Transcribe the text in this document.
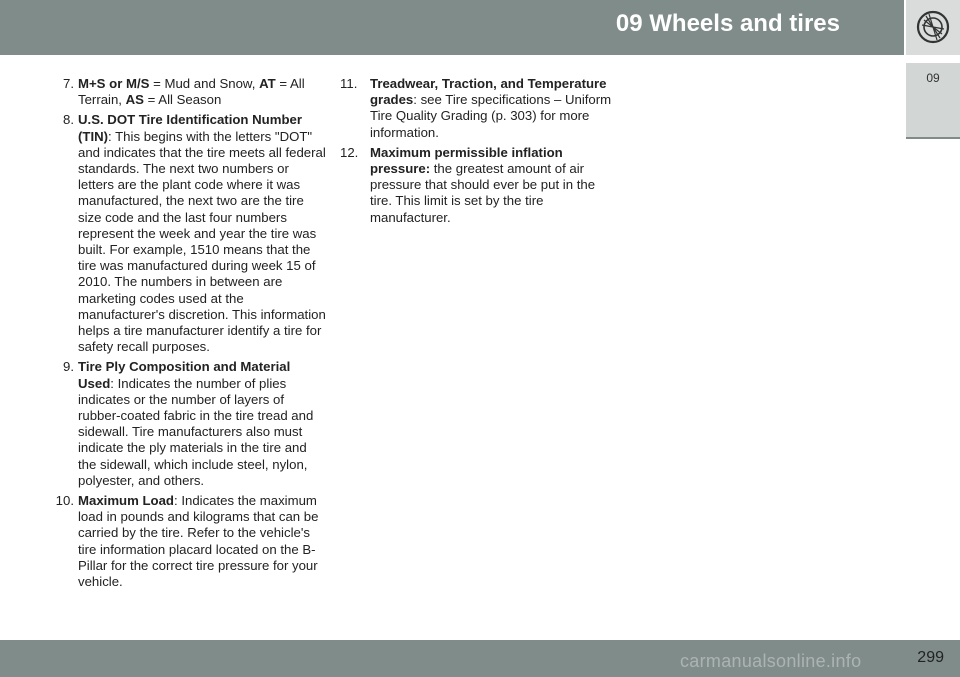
09 Wheels and tires
09
7. M+S or M/S = Mud and Snow, AT = All Terrain, AS = All Season
8. U.S. DOT Tire Identification Number (TIN): This begins with the letters "DOT" and indicates that the tire meets all federal standards. The next two numbers or letters are the plant code where it was manufactured, the next two are the tire size code and the last four numbers represent the week and year the tire was built. For example, 1510 means that the tire was manufactured during week 15 of 2010. The numbers in between are marketing codes used at the manufacturer's discretion. This information helps a tire manufacturer identify a tire for safety recall purposes.
9. Tire Ply Composition and Material Used: Indicates the number of plies indicates or the number of layers of rubber-coated fabric in the tire tread and sidewall. Tire manufacturers also must indicate the ply materials in the tire and the sidewall, which include steel, nylon, polyester, and others.
10. Maximum Load: Indicates the maximum load in pounds and kilograms that can be carried by the tire. Refer to the vehicle's tire information placard located on the B-Pillar for the correct tire pressure for your vehicle.
11. Treadwear, Traction, and Temperature grades: see Tire specifications – Uniform Tire Quality Grading (p. 303) for more information.
12. Maximum permissible inflation pressure: the greatest amount of air pressure that should ever be put in the tire. This limit is set by the tire manufacturer.
299
carmanualsonline.info
